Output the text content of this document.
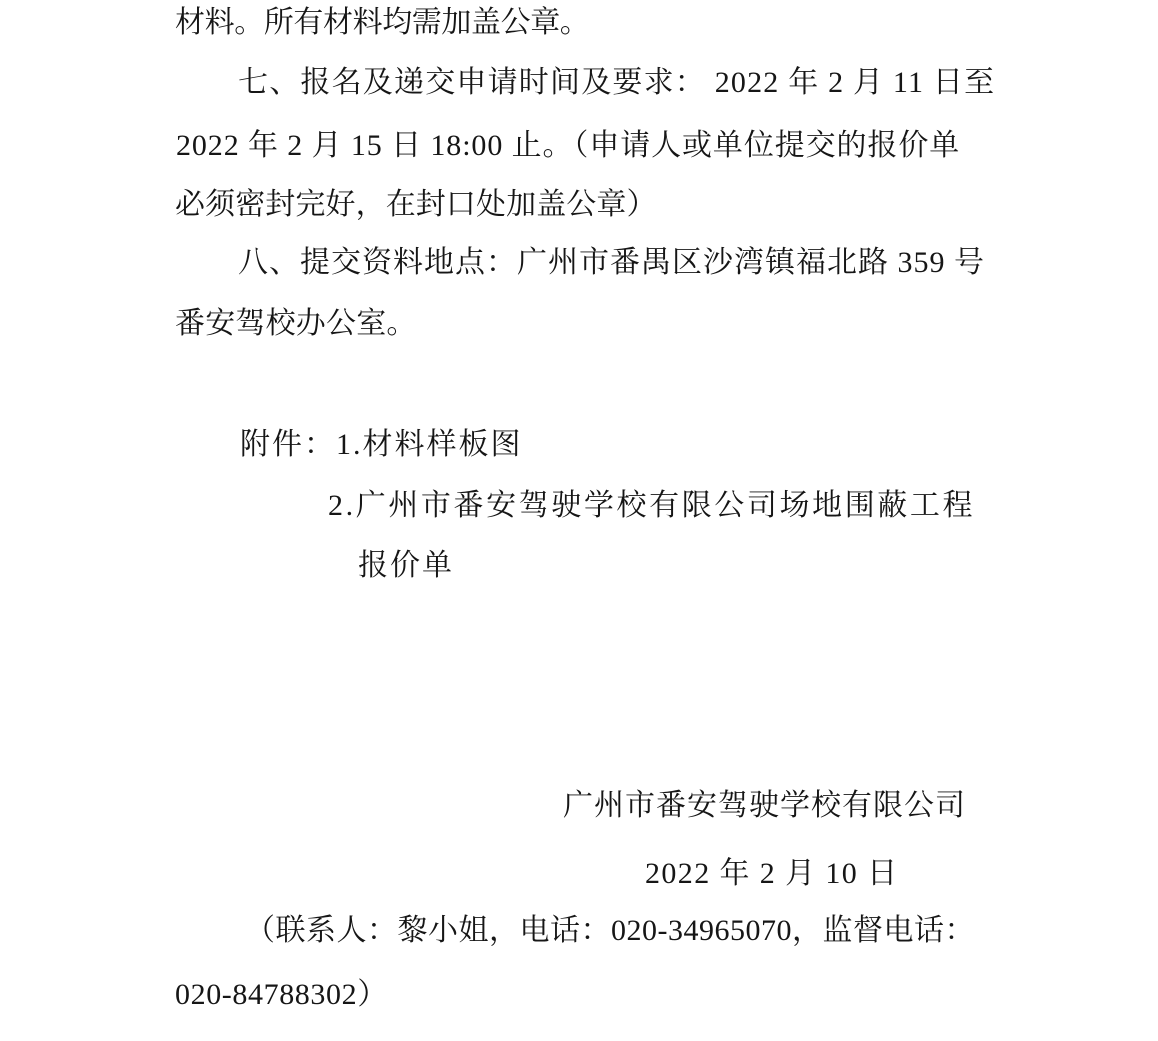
材料。所有材料均需加盖公章。
七、报名及递交申请时间及要求： 2022 年 2 月 11 日至
2022 年 2 月 15 日 18:00 止。（申请人或单位提交的报价单
必须密封完好，在封口处加盖公章）
八、提交资料地点：广州市番禺区沙湾镇福北路 359 号
番安驾校办公室。
附件：1.材料样板图
2.广州市番安驾驶学校有限公司场地围蔽工程
报价单
广州市番安驾驶学校有限公司
2022 年 2 月 10 日
（联系人：黎小姐，电话：020-34965070，监督电话：
020-84788302）
